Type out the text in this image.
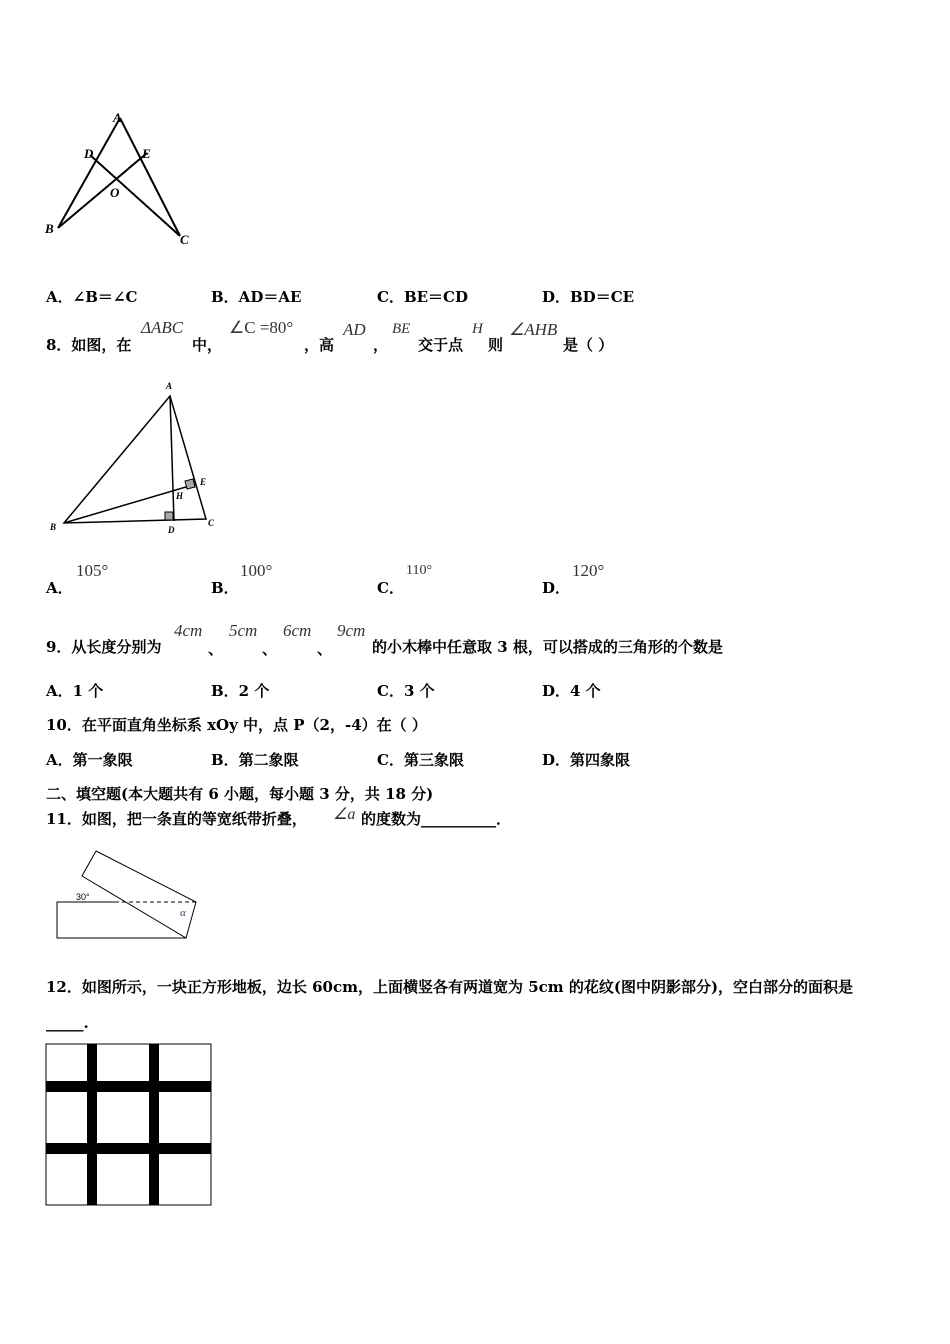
A
D	E
O
B
C
A
B	C
D
E
H
30°
α
A．∠B＝∠C	B．AD＝AE	C．BE＝CD	D．BD＝CE
8．如图，在
ΔABC
中，
∠C =80°
，高
AD
，
BE
交于点
H
则
∠AHB
是（ ）
A．
105°
B．
100°
C．
110°
D．
120°
9．从长度分别为
4cm
、
5cm
、
6cm
、
9cm
的小木棒中任意取 3 根，可以搭成的三角形的个数是
A．1 个	B．2 个	C．3 个	D．4 个
10．在平面直角坐标系 xOy 中，点 P（2，-4）在（ ）
A．第一象限	B．第二象限	C．第三象限	D．第四象限
二、填空题(本大题共有 6 小题，每小题 3 分，共 18 分)
11．如图，把一条直的等宽纸带折叠， ∠a 的度数为__________．
12．如图所示，一块正方形地板，边长 60cm，上面横竖各有两道宽为 5cm 的花纹(图中阴影部分)，空白部分的面积是
_____.
